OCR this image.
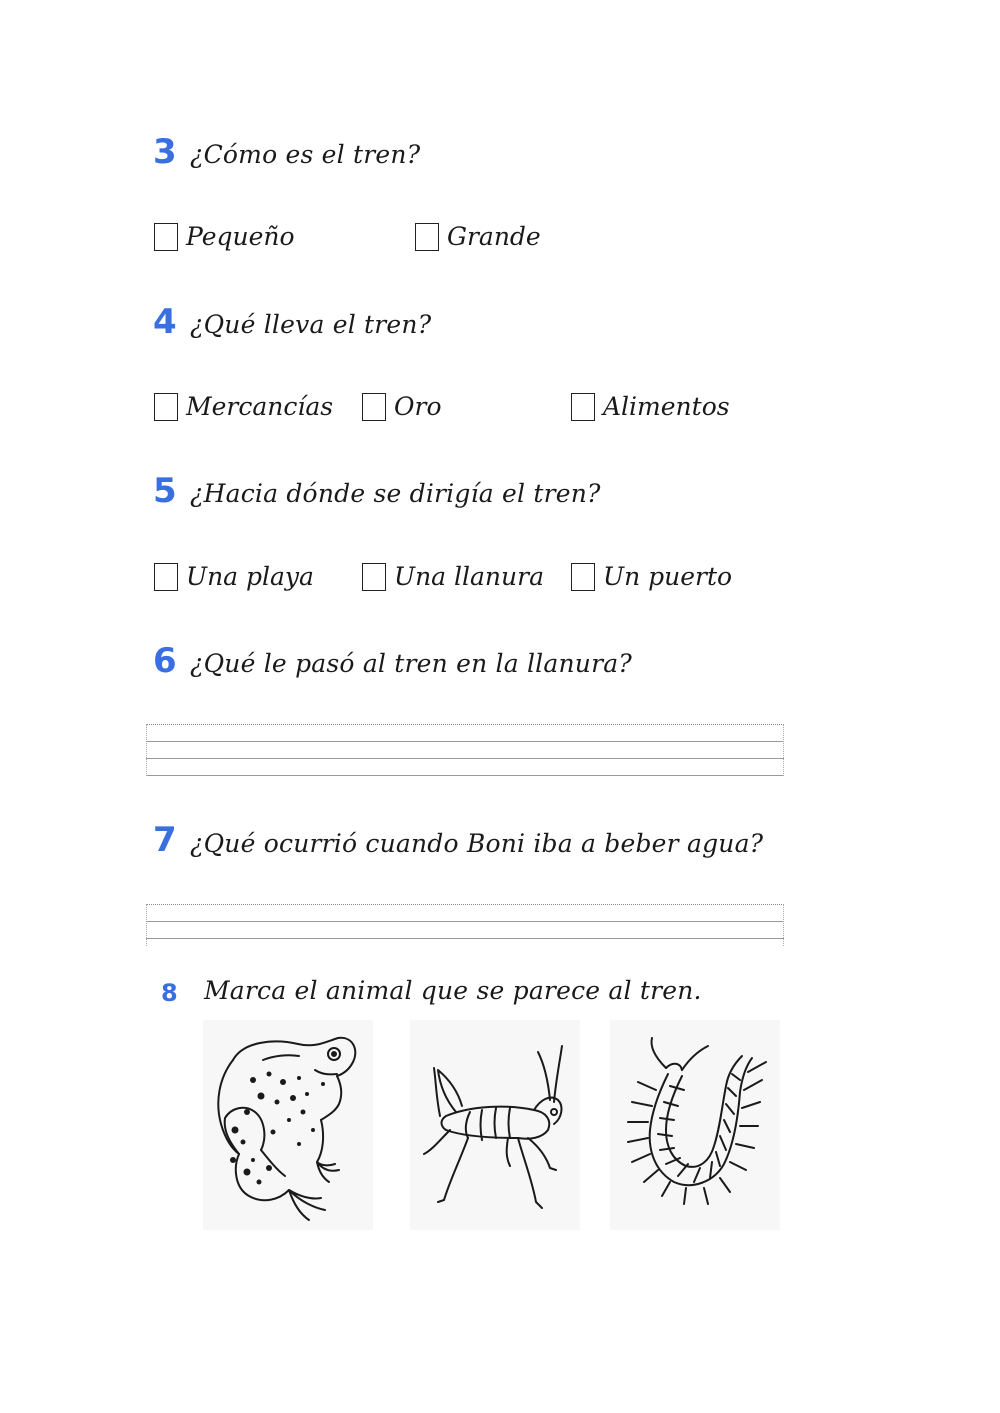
3 ¿Cómo es el tren?
Pequeño	Grande
4 ¿Qué lleva el tren?
Mercancías Oro	Alimentos
5 ¿Hacia dónde se dirigía el tren?
Una playa	Una llanura Un puerto
6 ¿Qué le pasó al tren en la llanura?
7 ¿Qué ocurrió cuando Boni iba a beber agua?
8 Marca el animal que se parece al tren.
